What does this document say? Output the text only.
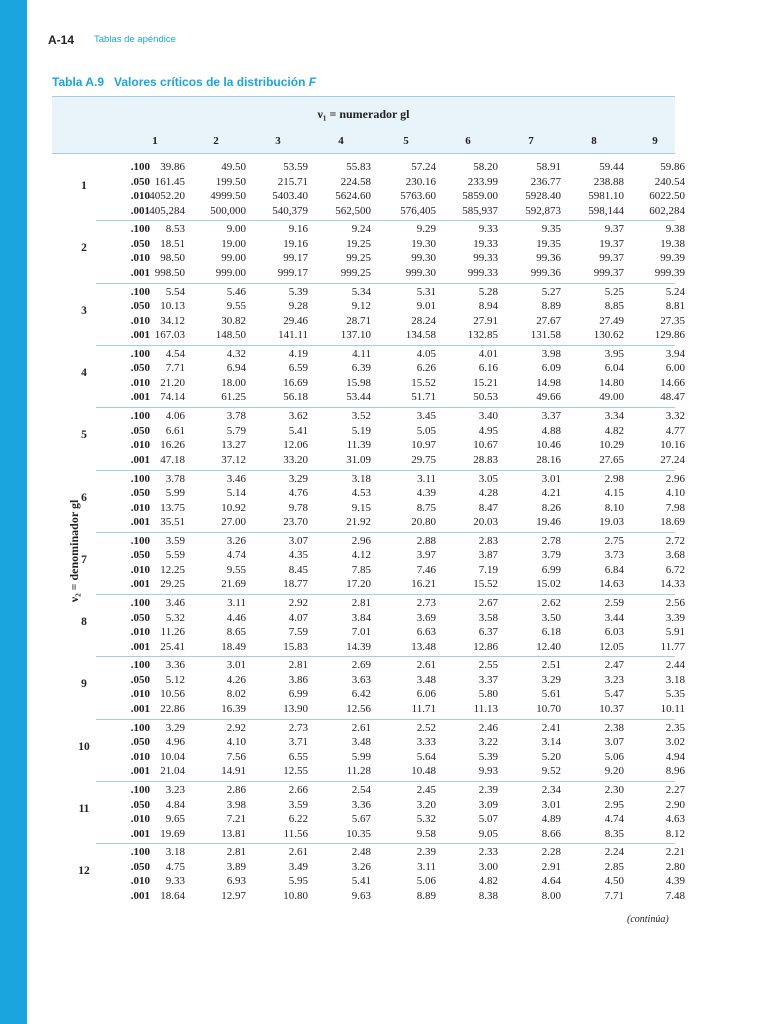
A-14 Tablas de apéndice
Tabla A.9 Valores críticos de la distribución F
ν₁ = numerador gl
1	2	3	4	5	6	7	8	9
ν₂ = denominador gl
1
.100 39.86	49.50	53.59	55.83	57.24	58.20	58.91	59.44	59.86
.050 161.45	199.50	215.71	224.58	230.16	233.99	236.77	238.88	240.54
.010 4052.20	4999.50	5403.40	5624.60	5763.60	5859.00	5928.40	5981.10	6022.50
.001 405,284	500,000	540,379	562,500	576,405	585,937	592,873	598,144	602,284
2
.100	8.53	9.00	9.16	9.24	9.29	9.33	9.35	9.37	9.38
.050 18.51	19.00	19.16	19.25	19.30	19.33	19.35	19.37	19.38
.010 98.50	99.00	99.17	99.25	99.30	99.33	99.36	99.37	99.39
.001 998.50	999.00	999.17	999.25	999.30	999.33	999.36	999.37	999.39
3
.100	5.54	5.46	5.39	5.34	5.31	5.28	5.27	5.25	5.24
.050 10.13	9.55	9.28	9.12	9.01	8.94	8.89	8.85	8.81
.010 34.12	30.82	29.46	28.71	28.24	27.91	27.67	27.49	27.35
.001 167.03	148.50	141.11	137.10	134.58	132.85	131.58	130.62	129.86
4
.100	4.54	4.32	4.19	4.11	4.05	4.01	3.98	3.95	3.94
.050	7.71	6.94	6.59	6.39	6.26	6.16	6.09	6.04	6.00
.010 21.20	18.00	16.69	15.98	15.52	15.21	14.98	14.80	14.66
.001 74.14	61.25	56.18	53.44	51.71	50.53	49.66	49.00	48.47
5
.100	4.06	3.78	3.62	3.52	3.45	3.40	3.37	3.34	3.32
.050	6.61	5.79	5.41	5.19	5.05	4.95	4.88	4.82	4.77
.010 16.26	13.27	12.06	11.39	10.97	10.67	10.46	10.29	10.16
.001 47.18	37.12	33.20	31.09	29.75	28.83	28.16	27.65	27.24
6
.100	3.78	3.46	3.29	3.18	3.11	3.05	3.01	2.98	2.96
.050	5.99	5.14	4.76	4.53	4.39	4.28	4.21	4.15	4.10
.010 13.75	10.92	9.78	9.15	8.75	8.47	8.26	8.10	7.98
.001 35.51	27.00	23.70	21.92	20.80	20.03	19.46	19.03	18.69
7
.100	3.59	3.26	3.07	2.96	2.88	2.83	2.78	2.75	2.72
.050	5.59	4.74	4.35	4.12	3.97	3.87	3.79	3.73	3.68
.010 12.25	9.55	8.45	7.85	7.46	7.19	6.99	6.84	6.72
.001 29.25	21.69	18.77	17.20	16.21	15.52	15.02	14.63	14.33
8
.100	3.46	3.11	2.92	2.81	2.73	2.67	2.62	2.59	2.56
.050	5.32	4.46	4.07	3.84	3.69	3.58	3.50	3.44	3.39
.010 11.26	8.65	7.59	7.01	6.63	6.37	6.18	6.03	5.91
.001 25.41	18.49	15.83	14.39	13.48	12.86	12.40	12.05	11.77
9
.100	3.36	3.01	2.81	2.69	2.61	2.55	2.51	2.47	2.44
.050	5.12	4.26	3.86	3.63	3.48	3.37	3.29	3.23	3.18
.010 10.56	8.02	6.99	6.42	6.06	5.80	5.61	5.47	5.35
.001 22.86	16.39	13.90	12.56	11.71	11.13	10.70	10.37	10.11
10
.100	3.29	2.92	2.73	2.61	2.52	2.46	2.41	2.38	2.35
.050	4.96	4.10	3.71	3.48	3.33	3.22	3.14	3.07	3.02
.010 10.04	7.56	6.55	5.99	5.64	5.39	5.20	5.06	4.94
.001 21.04	14.91	12.55	11.28	10.48	9.93	9.52	9.20	8.96
11
.100	3.23	2.86	2.66	2.54	2.45	2.39	2.34	2.30	2.27
.050	4.84	3.98	3.59	3.36	3.20	3.09	3.01	2.95	2.90
.010	9.65	7.21	6.22	5.67	5.32	5.07	4.89	4.74	4.63
.001 19.69	13.81	11.56	10.35	9.58	9.05	8.66	8.35	8.12
12
.100	3.18	2.81	2.61	2.48	2.39	2.33	2.28	2.24	2.21
.050	4.75	3.89	3.49	3.26	3.11	3.00	2.91	2.85	2.80
.010	9.33	6.93	5.95	5.41	5.06	4.82	4.64	4.50	4.39
.001 18.64	12.97	10.80	9.63	8.89	8.38	8.00	7.71	7.48
(continúa)
